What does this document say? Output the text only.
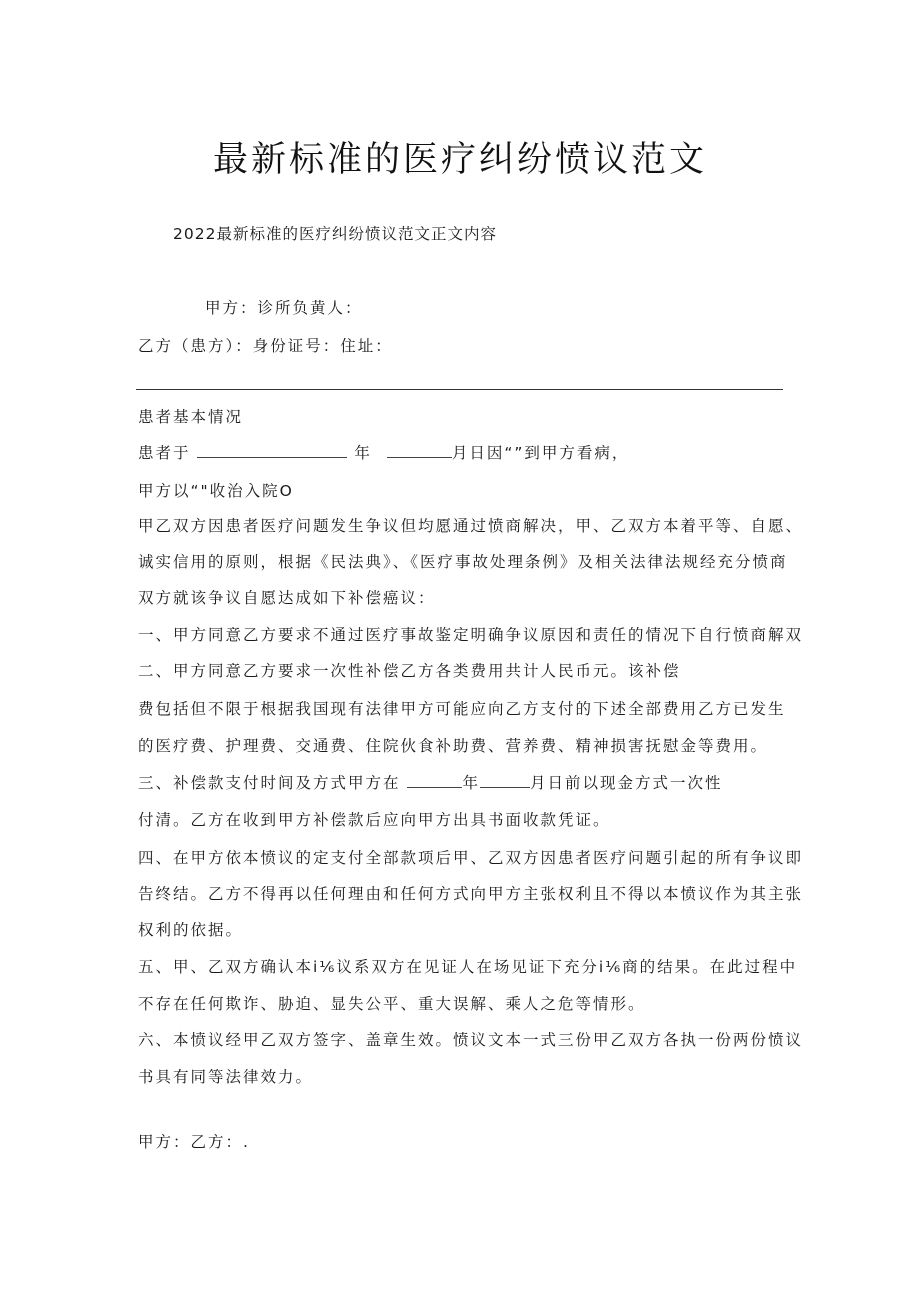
最新标准的医疗纠纷愤议范文
2022最新标准的医疗纠纷愤议范文正文内容
甲方：诊所负黄人：
乙方（患方）：身份证号：住址：
患者基本情况
患者于	年	月日因“”到甲方看病，
甲方以“"收治入院O
甲乙双方因患者医疗问题发生争议但均愿通过愤商解决，甲、乙双方本着平等、自愿、
诚实信用的原则，根据《民法典》、《医疗事故处理条例》及相关法律法规经充分愤商
双方就该争议自愿达成如下补偿癌议：
一、甲方同意乙方要求不通过医疗事故鉴定明确争议原因和责任的情况下自行愤商解双
二、甲方同意乙方要求一次性补偿乙方各类费用共计人民币元。该补偿
费包括但不限于根据我国现有法律甲方可能应向乙方支付的下述全部费用乙方已发生
的医疗费、护理费、交通费、住院伙食补助费、营养费、精神损害抚慰金等费用。
三、补偿款支付时间及方式甲方在	年	月日前以现金方式一次性
付清。乙方在收到甲方补偿款后应向甲方出具书面收款凭证。
四、在甲方依本愤议的定支付全部款项后甲、乙双方因患者医疗问题引起的所有争议即
告终结。乙方不得再以任何理由和任何方式向甲方主张权利且不得以本愤议作为其主张
权利的依据。
五、甲、乙双方确认本i⅙议系双方在见证人在场见证下充分i⅙商的结果。在此过程中
不存在任何欺诈、胁迫、显失公平、重大误解、乘人之危等情形。
六、本愤议经甲乙双方签字、盖章生效。愤议文本一式三份甲乙双方各执一份两份愤议
书具有同等法律效力。
甲方：乙方：.
